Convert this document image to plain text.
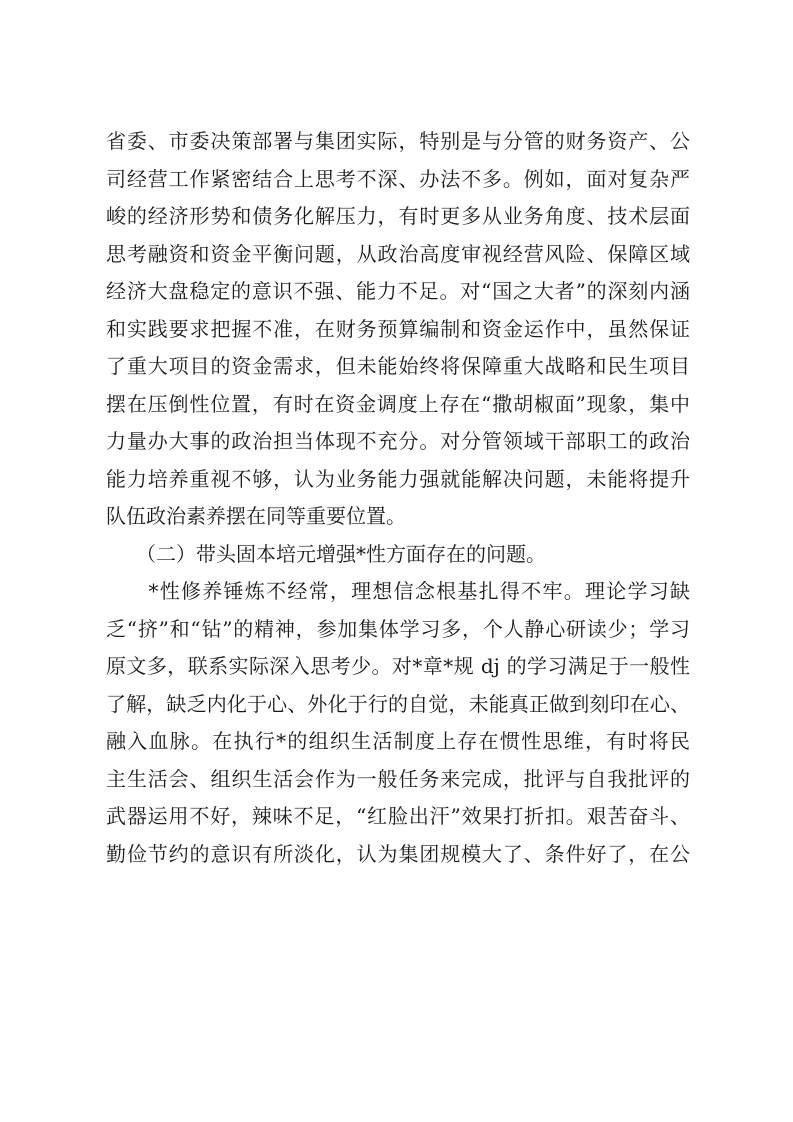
省委、市委决策部署与集团实际，特别是与分管的财务资产、公
司经营工作紧密结合上思考不深、办法不多。例如，面对复杂严
峻的经济形势和债务化解压力，有时更多从业务角度、技术层面
思考融资和资金平衡问题，从政治高度审视经营风险、保障区域
经济大盘稳定的意识不强、能力不足。对“国之大者”的深刻内涵
和实践要求把握不准，在财务预算编制和资金运作中，虽然保证
了重大项目的资金需求，但未能始终将保障重大战略和民生项目
摆在压倒性位置，有时在资金调度上存在“撒胡椒面”现象，集中
力量办大事的政治担当体现不充分。对分管领域干部职工的政治
能力培养重视不够，认为业务能力强就能解决问题，未能将提升
队伍政治素养摆在同等重要位置。
　　（二）带头固本培元增强*性方面存在的问题。
　　*性修养锤炼不经常，理想信念根基扎得不牢。理论学习缺
乏“挤”和“钻”的精神，参加集体学习多，个人静心研读少；学习
原文多，联系实际深入思考少。对*章*规 dj 的学习满足于一般性
了解，缺乏内化于心、外化于行的自觉，未能真正做到刻印在心、
融入血脉。在执行*的组织生活制度上存在惯性思维，有时将民
主生活会、组织生活会作为一般任务来完成，批评与自我批评的
武器运用不好，辣味不足，“红脸出汗”效果打折扣。艰苦奋斗、
勤俭节约的意识有所淡化，认为集团规模大了、条件好了，在公
